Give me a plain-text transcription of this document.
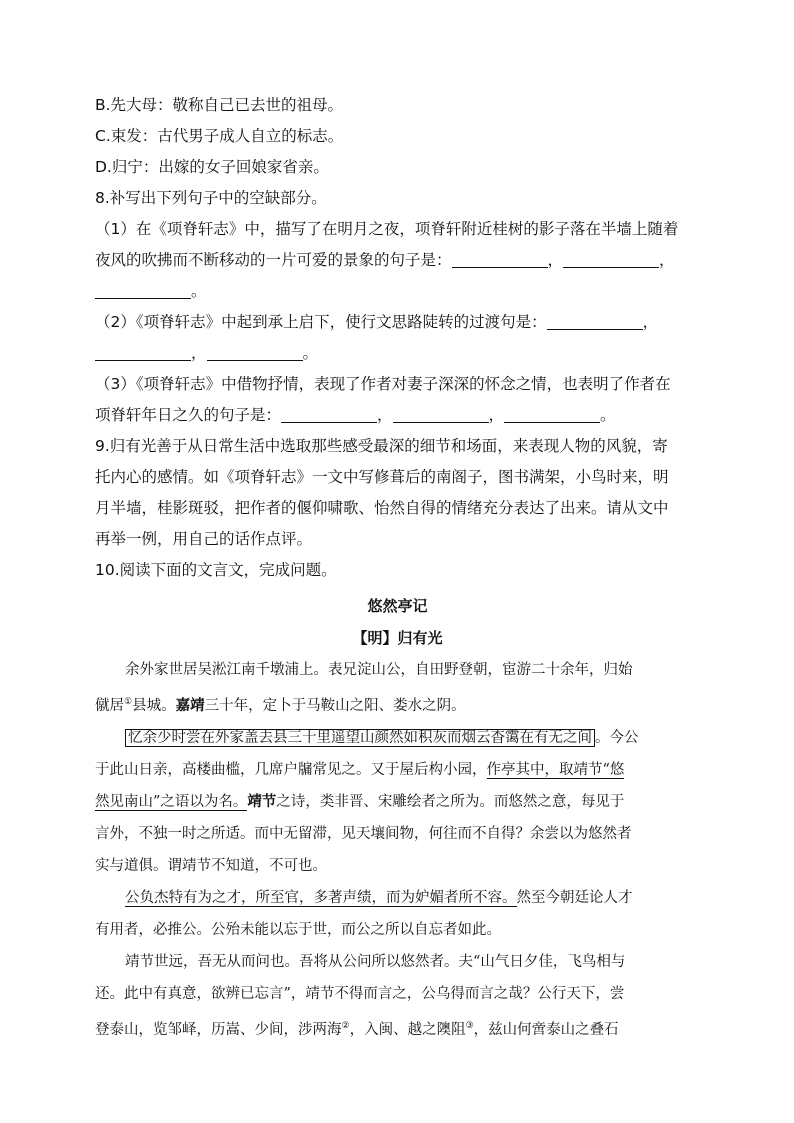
B.先大母：敬称自己已去世的祖母。
C.束发：古代男子成人自立的标志。
D.归宁：出嫁的女子回娘家省亲。
8.补写出下列句子中的空缺部分。
（1）在《项脊轩志》中，描写了在明月之夜，项脊轩附近桂树的影子落在半墙上随着
夜风的吹拂而不断移动的一片可爱的景象的句子是：	，	，
。
（2）《项脊轩志》中起到承上启下，使行文思路陡转的过渡句是：	，
，	。
（3）《项脊轩志》中借物抒情，表现了作者对妻子深深的怀念之情，也表明了作者在
项脊轩年日之久的句子是：	，	，	。
9.归有光善于从日常生活中选取那些感受最深的细节和场面，来表现人物的风貌，寄
托内心的感情。如《项脊轩志》一文中写修葺后的南阁子，图书满架，小鸟时来，明
月半墙，桂影斑驳，把作者的偃仰啸歌、怡然自得的情绪充分表达了出来。请从文中
再举一例，用自己的话作点评。
10.阅读下面的文言文，完成问题。
悠然亭记
【明】归有光
余外家世居吴淞江南千墩浦上。表兄淀山公，自田野登朝，宦游二十余年，归始
僦居①县城。嘉靖三十年，定卜于马鞍山之阳、娄水之阴。
忆余少时尝在外家盖去县三十里遥望山颜然如积灰而烟云杳霭在有无之间 。今公
于此山日亲，高楼曲槛，几席户牖常见之。又于屋后构小园，作亭其中，取靖节“悠
然见南山”之语以为名。靖节之诗，类非晋、宋雕绘者之所为。而悠然之意，每见于
言外，不独一时之所适。而中无留滞，见天壤间物，何往而不自得？余尝以为悠然者
实与道俱。谓靖节不知道，不可也。
公负杰特有为之才，所至官，多著声绩，而为妒媚者所不容。然至今朝廷论人才
有用者，必推公。公殆未能以忘于世，而公之所以自忘者如此。
靖节世远，吾无从而问也。吾将从公问所以悠然者。夫“山气日夕佳，飞鸟相与
还。此中有真意，欲辨已忘言”，靖节不得而言之，公乌得而言之哉？公行天下，尝
登泰山，览邹峄，历嵩、少间，涉两海②，入闽、越之隩阻③，兹山何啻泰山之叠石
